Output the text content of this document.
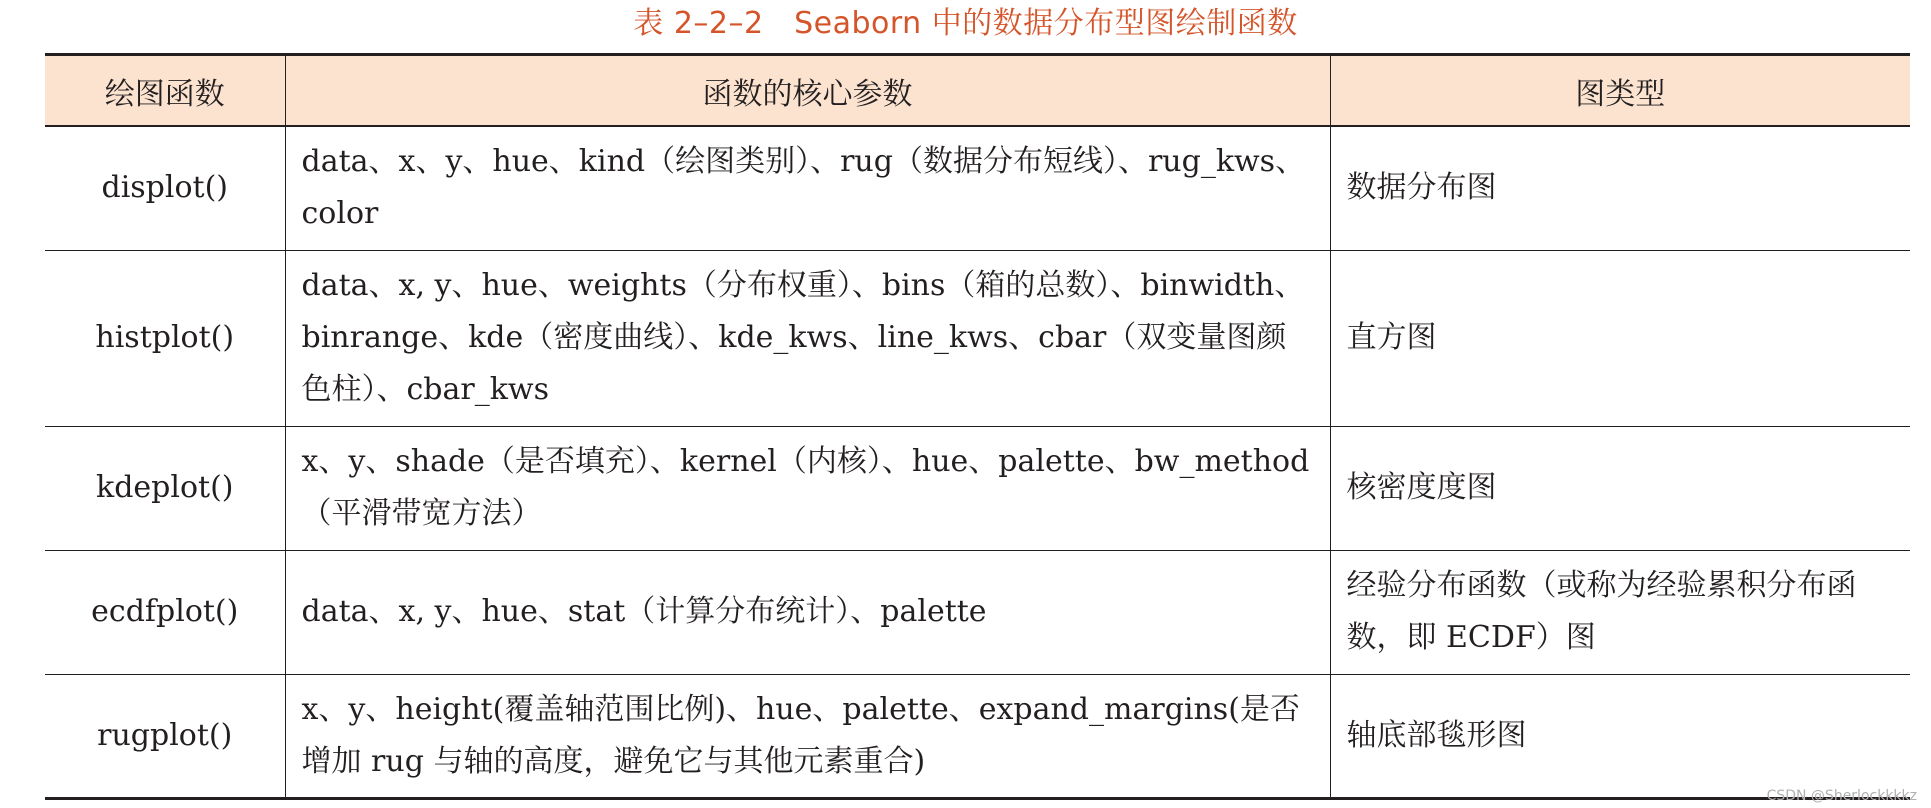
表 2–2–2　Seaborn 中的数据分布型图绘制函数
绘图函数	函数的核心参数	图类型
displot()	data、x、y、hue、kind（绘图类别）、rug（数据分布短线）、rug_kws、color	数据分布图
histplot()	data、x, y、hue、weights（分布权重）、bins（箱的总数）、binwidth、binrange、kde（密度曲线）、kde_kws、line_kws、cbar（双变量图颜色柱）、cbar_kws	直方图
kdeplot()	x、y、shade（是否填充）、kernel（内核）、hue、palette、bw_method（平滑带宽方法）	核密度度图
ecdfplot()	data、x, y、hue、stat（计算分布统计）、palette	经验分布函数（或称为经验累积分布函数，即 ECDF）图
rugplot()	x、y、height(覆盖轴范围比例)、hue、palette、expand_margins(是否增加 rug 与轴的高度，避免它与其他元素重合)	轴底部毯形图
CSDN @Sherlockkkkz
